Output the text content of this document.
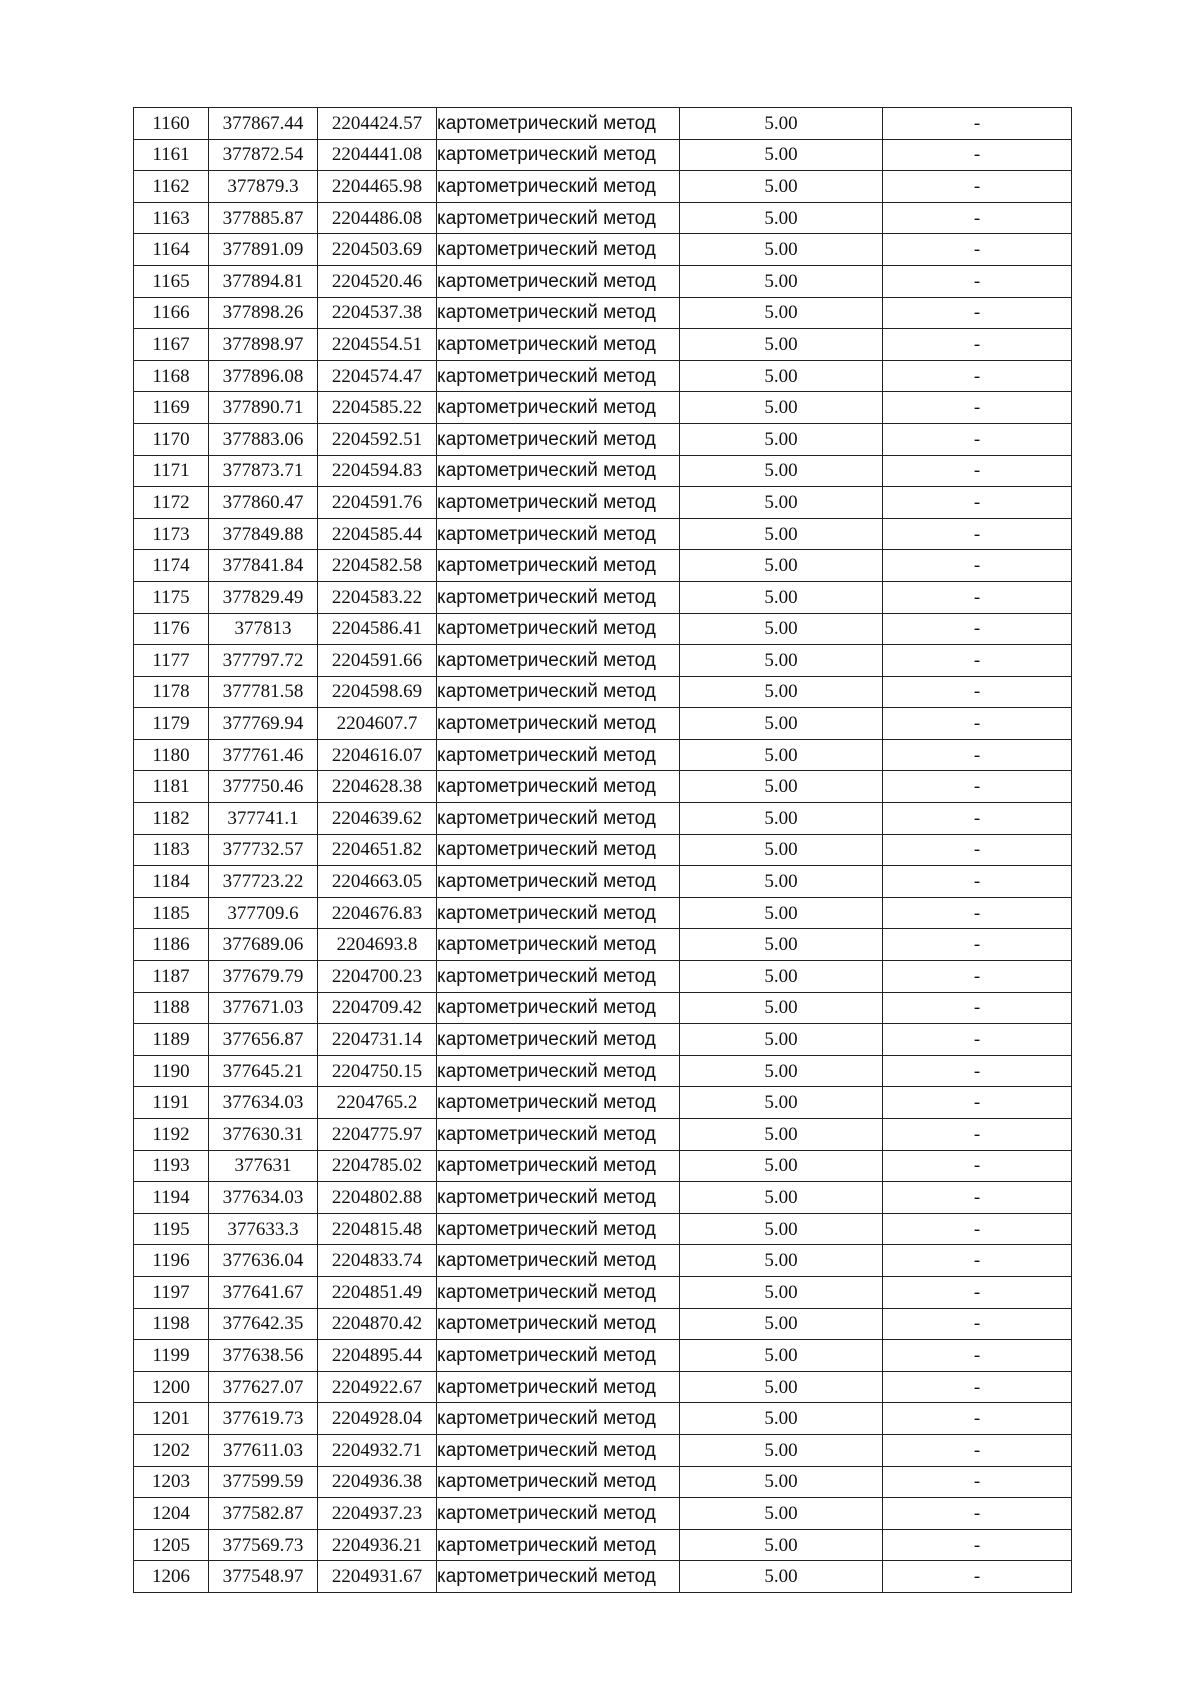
1160	377867.44	2204424.57	картометрический метод	5.00	-
1161	377872.54	2204441.08	картометрический метод	5.00	-
1162	377879.3	2204465.98	картометрический метод	5.00	-
1163	377885.87	2204486.08	картометрический метод	5.00	-
1164	377891.09	2204503.69	картометрический метод	5.00	-
1165	377894.81	2204520.46	картометрический метод	5.00	-
1166	377898.26	2204537.38	картометрический метод	5.00	-
1167	377898.97	2204554.51	картометрический метод	5.00	-
1168	377896.08	2204574.47	картометрический метод	5.00	-
1169	377890.71	2204585.22	картометрический метод	5.00	-
1170	377883.06	2204592.51	картометрический метод	5.00	-
1171	377873.71	2204594.83	картометрический метод	5.00	-
1172	377860.47	2204591.76	картометрический метод	5.00	-
1173	377849.88	2204585.44	картометрический метод	5.00	-
1174	377841.84	2204582.58	картометрический метод	5.00	-
1175	377829.49	2204583.22	картометрический метод	5.00	-
1176	377813	2204586.41	картометрический метод	5.00	-
1177	377797.72	2204591.66	картометрический метод	5.00	-
1178	377781.58	2204598.69	картометрический метод	5.00	-
1179	377769.94	2204607.7	картометрический метод	5.00	-
1180	377761.46	2204616.07	картометрический метод	5.00	-
1181	377750.46	2204628.38	картометрический метод	5.00	-
1182	377741.1	2204639.62	картометрический метод	5.00	-
1183	377732.57	2204651.82	картометрический метод	5.00	-
1184	377723.22	2204663.05	картометрический метод	5.00	-
1185	377709.6	2204676.83	картометрический метод	5.00	-
1186	377689.06	2204693.8	картометрический метод	5.00	-
1187	377679.79	2204700.23	картометрический метод	5.00	-
1188	377671.03	2204709.42	картометрический метод	5.00	-
1189	377656.87	2204731.14	картометрический метод	5.00	-
1190	377645.21	2204750.15	картометрический метод	5.00	-
1191	377634.03	2204765.2	картометрический метод	5.00	-
1192	377630.31	2204775.97	картометрический метод	5.00	-
1193	377631	2204785.02	картометрический метод	5.00	-
1194	377634.03	2204802.88	картометрический метод	5.00	-
1195	377633.3	2204815.48	картометрический метод	5.00	-
1196	377636.04	2204833.74	картометрический метод	5.00	-
1197	377641.67	2204851.49	картометрический метод	5.00	-
1198	377642.35	2204870.42	картометрический метод	5.00	-
1199	377638.56	2204895.44	картометрический метод	5.00	-
1200	377627.07	2204922.67	картометрический метод	5.00	-
1201	377619.73	2204928.04	картометрический метод	5.00	-
1202	377611.03	2204932.71	картометрический метод	5.00	-
1203	377599.59	2204936.38	картометрический метод	5.00	-
1204	377582.87	2204937.23	картометрический метод	5.00	-
1205	377569.73	2204936.21	картометрический метод	5.00	-
1206	377548.97	2204931.67	картометрический метод	5.00	-
